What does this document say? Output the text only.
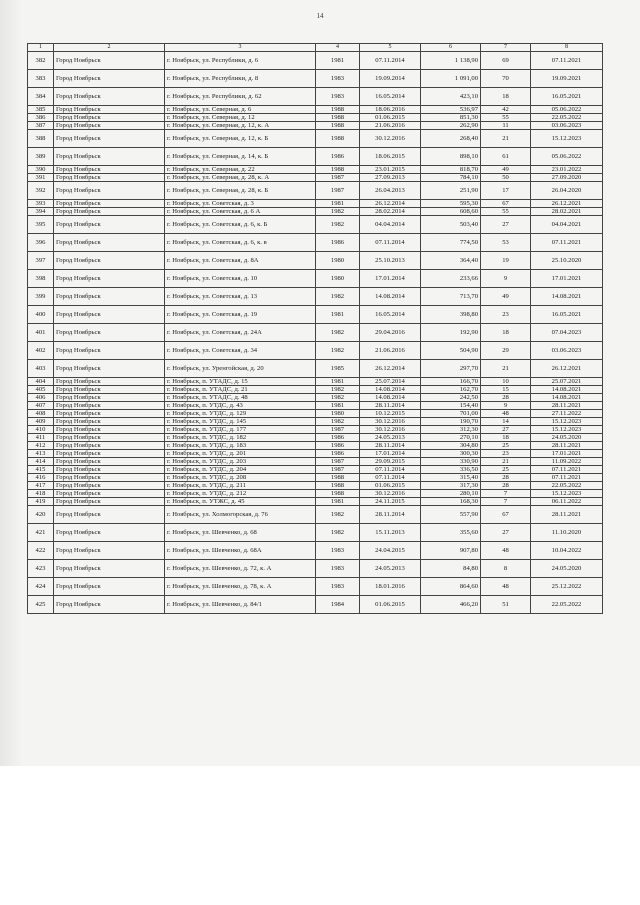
14
1	2	3	4	5	6	7	8
382	Город Ноябрьск	г. Ноябрьск, ул. Республики, д. 6	1981	07.11.2014	1 138,90	69	07.11.2021
383	Город Ноябрьск	г. Ноябрьск, ул. Республики, д. 8	1983	19.09.2014	1 091,00	70	19.09.2021
384	Город Ноябрьск	г. Ноябрьск, ул. Республики, д. 62	1983	16.05.2014	423,10	18	16.05.2021
385	Город Ноябрьск	г. Ноябрьск, ул. Северная, д. 6	1988	18.06.2016	536,97	42	05.06.2022
386	Город Ноябрьск	г. Ноябрьск, ул. Северная, д. 12	1988	01.06.2015	851,30	55	22.05.2022
387	Город Ноябрьск	г. Ноябрьск, ул. Северная, д. 12, к. А	1988	21.06.2016	262,90	11	03.06.2023
388	Город Ноябрьск	г. Ноябрьск, ул. Северная, д. 12, к. Б	1988	30.12.2016	268,40	21	15.12.2023
389	Город Ноябрьск	г. Ноябрьск, ул. Северная, д. 14, к. Б	1986	18.06.2015	898,10	61	05.06.2022
390	Город Ноябрьск	г. Ноябрьск, ул. Северная, д. 22	1988	23.01.2015	818,70	49	23.01.2022
391	Город Ноябрьск	г. Ноябрьск, ул. Северная, д. 28, к. А	1987	27.09.2013	784,10	50	27.09.2020
392	Город Ноябрьск	г. Ноябрьск, ул. Северная, д. 28, к. Б	1987	26.04.2013	251,90	17	26.04.2020
393	Город Ноябрьск	г. Ноябрьск, ул. Советская, д. 3	1981	26.12.2014	595,30	67	26.12.2021
394	Город Ноябрьск	г. Ноябрьск, ул. Советская, д. 6 А	1982	28.02.2014	608,60	55	28.02.2021
395	Город Ноябрьск	г. Ноябрьск, ул. Советская, д. 6, к. Б	1982	04.04.2014	503,40	27	04.04.2021
396	Город Ноябрьск	г. Ноябрьск, ул. Советская, д. 6, к. в	1986	07.11.2014	774,50	53	07.11.2021
397	Город Ноябрьск	г. Ноябрьск, ул. Советская, д. 8А	1980	25.10.2013	364,40	19	25.10.2020
398	Город Ноябрьск	г. Ноябрьск, ул. Советская, д. 10	1980	17.01.2014	233,66	9	17.01.2021
399	Город Ноябрьск	г. Ноябрьск, ул. Советская, д. 13	1982	14.08.2014	713,70	49	14.08.2021
400	Город Ноябрьск	г. Ноябрьск, ул. Советская, д. 19	1981	16.05.2014	398,80	23	16.05.2021
401	Город Ноябрьск	г. Ноябрьск, ул. Советская, д. 24А	1982	29.04.2016	192,90	18	07.04.2023
402	Город Ноябрьск	г. Ноябрьск, ул. Советская, д. 34	1982	21.06.2016	504,90	29	03.06.2023
403	Город Ноябрьск	г. Ноябрьск, ул. Уренгойская, д. 20	1985	26.12.2014	297,70	21	26.12.2021
404	Город Ноябрьск	г. Ноябрьск, п. УТАДС, д. 15	1981	25.07.2014	166,70	10	25.07.2021
405	Город Ноябрьск	г. Ноябрьск, п. УТАДС, д. 21	1982	14.08.2014	162,70	15	14.08.2021
406	Город Ноябрьск	г. Ноябрьск, п. УТАДС, д. 48	1982	14.08.2014	242,50	28	14.08.2021
407	Город Ноябрьск	г. Ноябрьск, п. УТДС, д. 43	1981	28.11.2014	154,40	9	28.11.2021
408	Город Ноябрьск	г. Ноябрьск, п. УТДС, д. 129	1980	10.12.2015	701,00	48	27.11.2022
409	Город Ноябрьск	г. Ноябрьск, п. УТДС, д. 145	1982	30.12.2016	190,70	14	15.12.2023
410	Город Ноябрьск	г. Ноябрьск, п. УТДС, д. 177	1987	30.12.2016	312,30	27	15.12.2023
411	Город Ноябрьск	г. Ноябрьск, п. УТДС, д. 182	1986	24.05.2013	270,10	18	24.05.2020
412	Город Ноябрьск	г. Ноябрьск, п. УТДС, д. 183	1986	28.11.2014	304,80	25	28.11.2021
413	Город Ноябрьск	г. Ноябрьск, п. УТДС, д. 201	1986	17.01.2014	300,30	23	17.01.2021
414	Город Ноябрьск	г. Ноябрьск, п. УТДС, д. 203	1987	29.09.2015	330,90	21	11.09.2022
415	Город Ноябрьск	г. Ноябрьск, п. УТДС, д. 204	1987	07.11.2014	336,50	25	07.11.2021
416	Город Ноябрьск	г. Ноябрьск, п. УТДС, д. 208	1988	07.11.2014	315,40	28	07.11.2021
417	Город Ноябрьск	г. Ноябрьск, п. УТДС, д. 211	1988	01.06.2015	317,30	28	22.05.2022
418	Город Ноябрьск	г. Ноябрьск, п. УТДС, д. 212	1988	30.12.2016	280,10	7	15.12.2023
419	Город Ноябрьск	г. Ноябрьск, п. УТЖС, д. 45	1981	24.11.2015	168,30	7	06.11.2022
420	Город Ноябрьск	г. Ноябрьск, ул. Холмогорская, д. 76	1982	28.11.2014	557,90	67	28.11.2021
421	Город Ноябрьск	г. Ноябрьск, ул. Шевченко, д. 68	1982	15.11.2013	355,60	27	11.10.2020
422	Город Ноябрьск	г. Ноябрьск, ул. Шевченко, д. 68А	1983	24.04.2015	907,80	48	10.04.2022
423	Город Ноябрьск	г. Ноябрьск, ул. Шевченко, д. 72, к. А	1983	24.05.2013	84,80	8	24.05.2020
424	Город Ноябрьск	г. Ноябрьск, ул. Шевченко, д. 78, к. А	1983	18.01.2016	864,60	48	25.12.2022
425	Город Ноябрьск	г. Ноябрьск, ул. Шевченко, д. 84/1	1984	01.06.2015	466,20	51	22.05.2022
